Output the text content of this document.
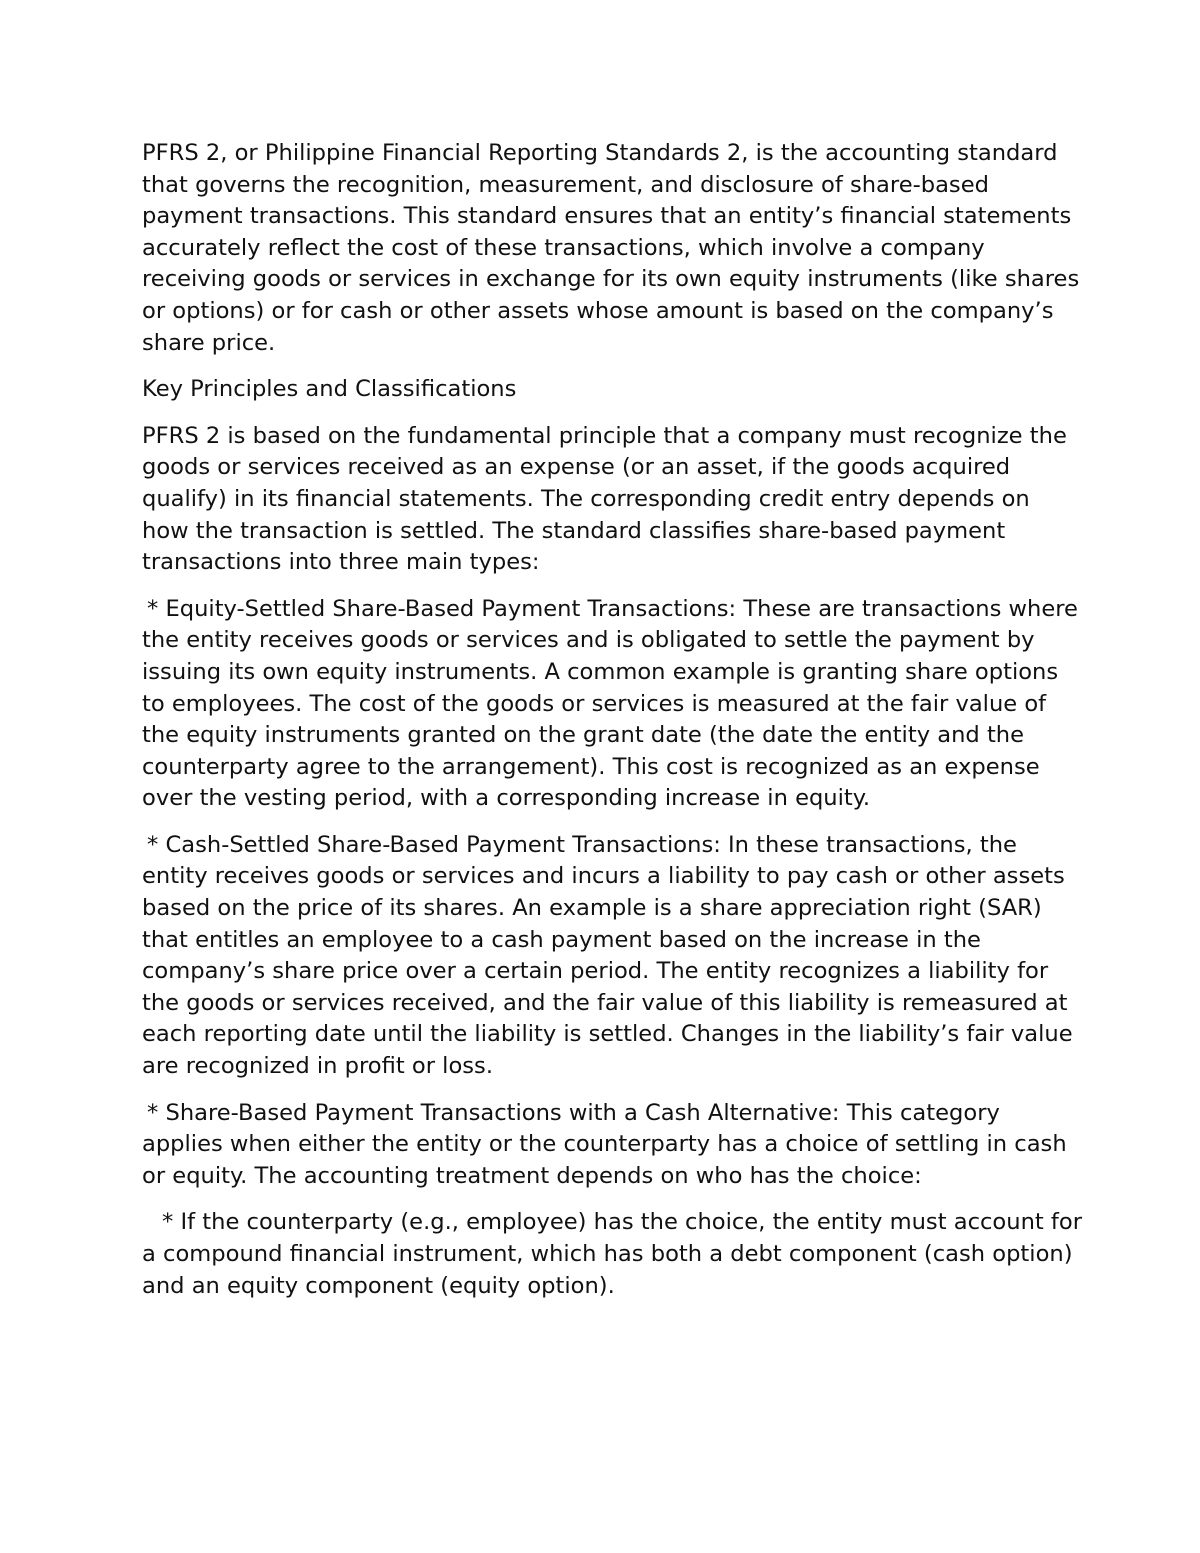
PFRS 2, or Philippine Financial Reporting Standards 2, is the accounting standard that governs the recognition, measurement, and disclosure of share-based payment transactions. This standard ensures that an entity’s financial statements accurately reflect the cost of these transactions, which involve a company receiving goods or services in exchange for its own equity instruments (like shares or options) or for cash or other assets whose amount is based on the company’s share price.

Key Principles and Classifications

PFRS 2 is based on the fundamental principle that a company must recognize the goods or services received as an expense (or an asset, if the goods acquired qualify) in its financial statements. The corresponding credit entry depends on how the transaction is settled. The standard classifies share-based payment transactions into three main types:

* Equity-Settled Share-Based Payment Transactions: These are transactions where the entity receives goods or services and is obligated to settle the payment by issuing its own equity instruments. A common example is granting share options to employees. The cost of the goods or services is measured at the fair value of the equity instruments granted on the grant date (the date the entity and the counterparty agree to the arrangement). This cost is recognized as an expense over the vesting period, with a corresponding increase in equity.

* Cash-Settled Share-Based Payment Transactions: In these transactions, the entity receives goods or services and incurs a liability to pay cash or other assets based on the price of its shares. An example is a share appreciation right (SAR) that entitles an employee to a cash payment based on the increase in the company’s share price over a certain period. The entity recognizes a liability for the goods or services received, and the fair value of this liability is remeasured at each reporting date until the liability is settled. Changes in the liability’s fair value are recognized in profit or loss.

* Share-Based Payment Transactions with a Cash Alternative: This category applies when either the entity or the counterparty has a choice of settling in cash or equity. The accounting treatment depends on who has the choice:

* If the counterparty (e.g., employee) has the choice, the entity must account for a compound financial instrument, which has both a debt component (cash option) and an equity component (equity option).
